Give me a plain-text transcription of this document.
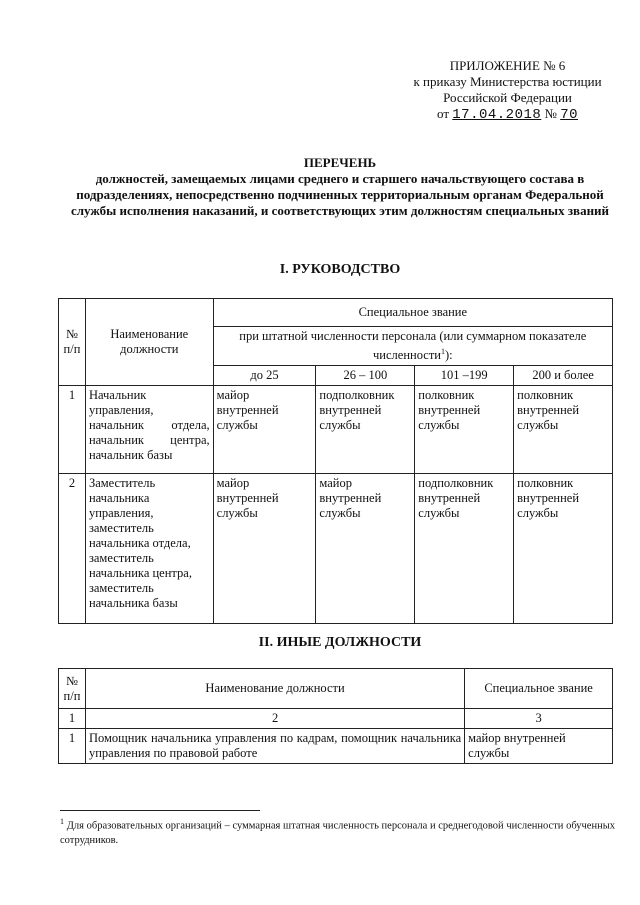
ПРИЛОЖЕНИЕ № 6
к приказу Министерства юстиции
Российской Федерации
от 17.04.2018 № 70
ПЕРЕЧЕНЬ
должностей, замещаемых лицами среднего и старшего начальствующего состава в подразделениях, непосредственно подчиненных территориальным органам Федеральной службы исполнения наказаний, и соответствующих этим должностям специальных званий
I. РУКОВОДСТВО
№ п/п	Наименование должности	Специальное звание			
		при штатной численности персонала (или суммарном показателе численности$^1$):			
		до 25	26 – 100	101 –199	200 и более
1	Начальник управления, начальник отдела, начальник центра, начальник базы	майор внутренней службы	подполковник внутренней службы	полковник внутренней службы	полковник внутренней службы
2	Заместитель начальника управления, заместитель начальника отдела, заместитель начальника центра, заместитель начальника базы	майор внутренней службы	майор внутренней службы	подполковник внутренней службы	полковник внутренней службы
II. ИНЫЕ ДОЛЖНОСТИ
№ п/п	Наименование должности	Специальное звание
1	2	3
1	Помощник начальника управления по кадрам, помощник начальника управления по правовой работе	майор внутренней службы
$^1$ Для образовательных организаций – суммарная штатная численность персонала и среднегодовой численности обученных сотрудников.
